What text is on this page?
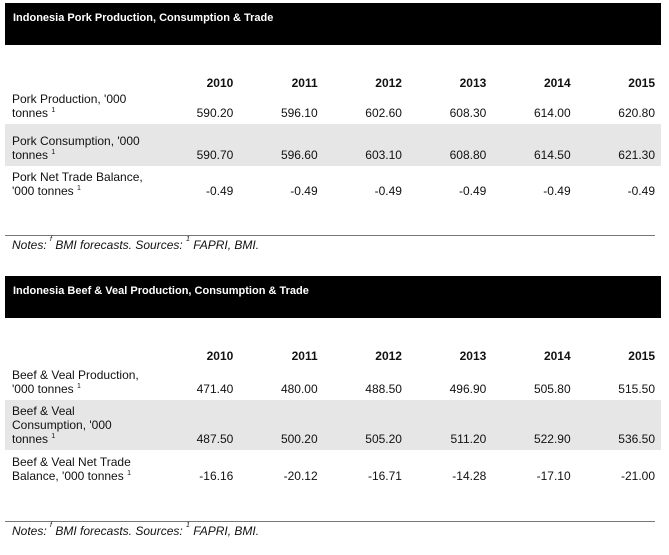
Indonesia Pork Production, Consumption & Trade
	2010	2011	2012	2013	2014	2015
Pork Production, '000 tonnes $^1$	590.20	596.10	602.60	608.30	614.00	620.80
Pork Consumption, '000 tonnes $^1$	590.70	596.60	603.10	608.80	614.50	621.30
Pork Net Trade Balance, '000 tonnes $^1$	-0.49	-0.49	-0.49	-0.49	-0.49	-0.49
Notes: $^f$ BMI forecasts. Sources: $^1$ FAPRI, BMI.
Indonesia Beef & Veal Production, Consumption & Trade
	2010	2011	2012	2013	2014	2015
Beef & Veal Production, '000 tonnes $^1$	471.40	480.00	488.50	496.90	505.80	515.50
Beef & Veal Consumption, '000 tonnes $^1$	487.50	500.20	505.20	511.20	522.90	536.50
Beef & Veal Net Trade Balance, '000 tonnes $^1$	-16.16	-20.12	-16.71	-14.28	-17.10	-21.00
Notes: $^f$ BMI forecasts. Sources: $^1$ FAPRI, BMI.
